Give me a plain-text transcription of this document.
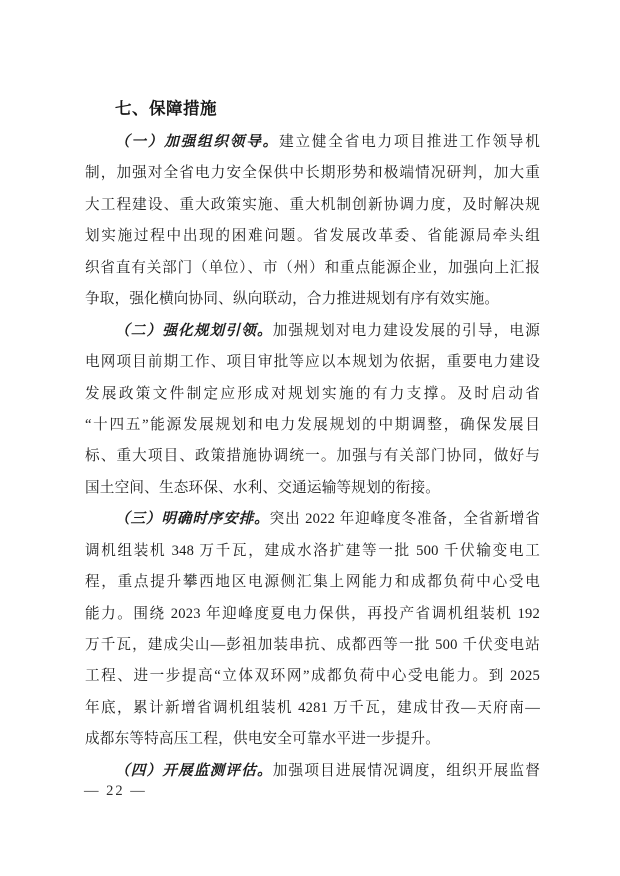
七、保障措施
（一）加强组织领导。建立健全省电力项目推进工作领导机
制，加强对全省电力安全保供中长期形势和极端情况研判，加大重
大工程建设、重大政策实施、重大机制创新协调力度，及时解决规
划实施过程中出现的困难问题。省发展改革委、省能源局牵头组
织省直有关部门（单位）、市（州）和重点能源企业，加强向上汇报
争取，强化横向协同、纵向联动，合力推进规划有序有效实施。
（二）强化规划引领。加强规划对电力建设发展的引导，电源
电网项目前期工作、项目审批等应以本规划为依据，重要电力建设
发展政策文件制定应形成对规划实施的有力支撑。及时启动省
“十四五”能源发展规划和电力发展规划的中期调整，确保发展目
标、重大项目、政策措施协调统一。加强与有关部门协同，做好与
国土空间、生态环保、水利、交通运输等规划的衔接。
（三）明确时序安排。突出 2022 年迎峰度冬准备，全省新增省
调机组装机 348 万千瓦，建成水洛扩建等一批 500 千伏输变电工
程，重点提升攀西地区电源侧汇集上网能力和成都负荷中心受电
能力。围绕 2023 年迎峰度夏电力保供，再投产省调机组装机 192
万千瓦，建成尖山—彭祖加装串抗、成都西等一批 500 千伏变电站
工程、进一步提高“立体双环网”成都负荷中心受电能力。到 2025
年底，累计新增省调机组装机 4281 万千瓦，建成甘孜—天府南—
成都东等特高压工程，供电安全可靠水平进一步提升。
（四）开展监测评估。加强项目进展情况调度，组织开展监督
— 22 —
